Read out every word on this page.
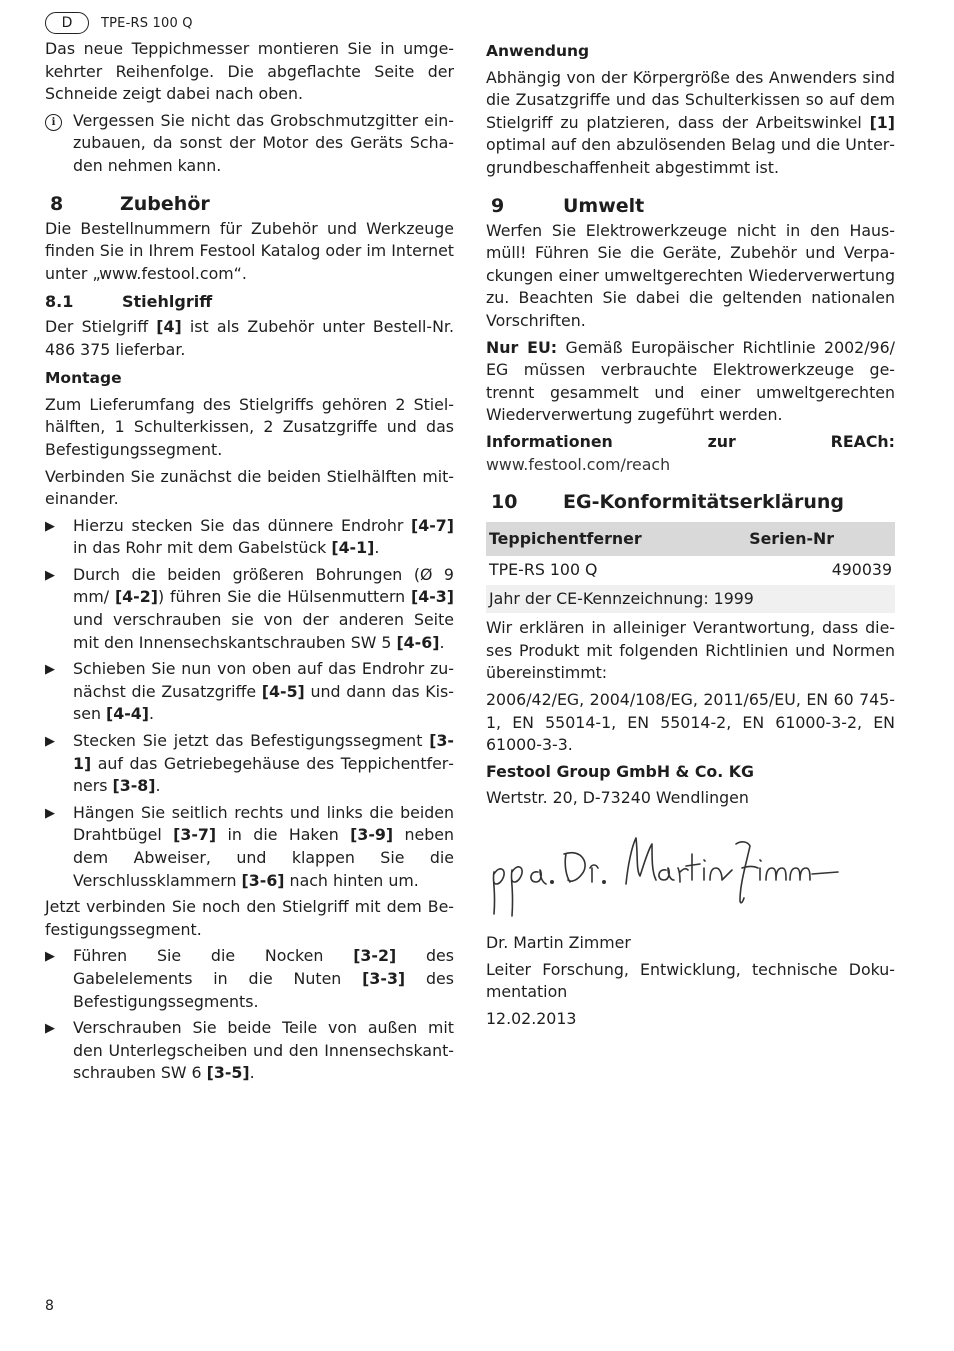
D	TPE-RS 100 Q

Das neue Teppichmesser montieren Sie in umgekehrter Reihenfolge. Die abgeflachte Seite der Schneide zeigt dabei nach oben.

i	Vergessen Sie nicht das Grobschmutzgitter einzubauen, da sonst der Motor des Geräts Schaden nehmen kann.
8	Zubehör

Die Bestellnummern für Zubehör und Werkzeuge finden Sie in Ihrem Festool Katalog oder im Internet unter „www.festool.com“.

8.1	Stiehlgriff

Der Stielgriff [4] ist als Zubehör unter Bestell-Nr. 486 375 lieferbar.

Montage

Zum Lieferumfang des Stielgriffs gehören 2 Stielhälften, 1 Schulterkissen, 2 Zusatzgriffe und das Befestigungssegment.

Verbinden Sie zunächst die beiden Stielhälften miteinander.

▶	Hierzu stecken Sie das dünnere Endrohr [4-7] in das Rohr mit dem Gabelstück [4-1].
▶	Durch die beiden größeren Bohrungen (Ø 9 mm/ [4-2]) führen Sie die Hülsenmuttern [4-3] und verschrauben sie von der anderen Seite mit den Innensechskantschrauben SW 5 [4-6].
▶	Schieben Sie nun von oben auf das Endrohr zunächst die Zusatzgriffe [4-5] und dann das Kissen [4-4].
▶	Stecken Sie jetzt das Befestigungssegment [3-1] auf das Getriebegehäuse des Teppichentferners [3-8].
▶	Hängen Sie seitlich rechts und links die beiden Drahtbügel [3-7] in die Haken [3-9] neben dem Abweiser, und klappen Sie die Verschlussklammern [3-6] nach hinten um.

Jetzt verbinden Sie noch den Stielgriff mit dem Befestigungssegment.

▶	Führen Sie die Nocken [3-2] des Gabelelements in die Nuten [3-3] des Befestigungssegments.
▶	Verschrauben Sie beide Teile von außen mit den Unterlegscheiben und den Innensechskantschrauben SW 6 [3-5].
Anwendung

Abhängig von der Körpergröße des Anwenders sind die Zusatzgriffe und das Schulterkissen so auf dem Stielgriff zu platzieren, dass der Arbeitswinkel [1] optimal auf den abzulösenden Belag und die Untergrundbeschaffenheit abgestimmt ist.

9	Umwelt

Werfen Sie Elektrowerkzeuge nicht in den Hausmüll! Führen Sie die Geräte, Zubehör und Verpackungen einer umweltgerechten Wiederverwertung zu. Beachten Sie dabei die geltenden nationalen Vorschriften.

Nur EU: Gemäß Europäischer Richtlinie 2002/96/ EG müssen verbrauchte Elektrowerkzeuge getrennt gesammelt und einer umweltgerechten Wiederverwertung zugeführt werden.

Informationen zur REACh: www.festool.com/reach

10	EG-Konformitätserklärung
Teppichentferner	Serien-Nr
TPE-RS 100 Q	490039
Jahr der CE-Kennzeichnung: 1999	

Wir erklären in alleiniger Verantwortung, dass dieses Produkt mit folgenden Richtlinien und Normen übereinstimmt:

2006/42/EG, 2004/108/EG, 2011/65/EU, EN 60 745-1, EN 55014-1, EN 55014-2, EN 61000-3-2, EN 61000-3-3.

Festool Group GmbH & Co. KG

Wertstr. 20, D-73240 Wendlingen

Dr. Martin Zimmer

Leiter Forschung, Entwicklung, technische Dokumentation

12.02.2013

8
